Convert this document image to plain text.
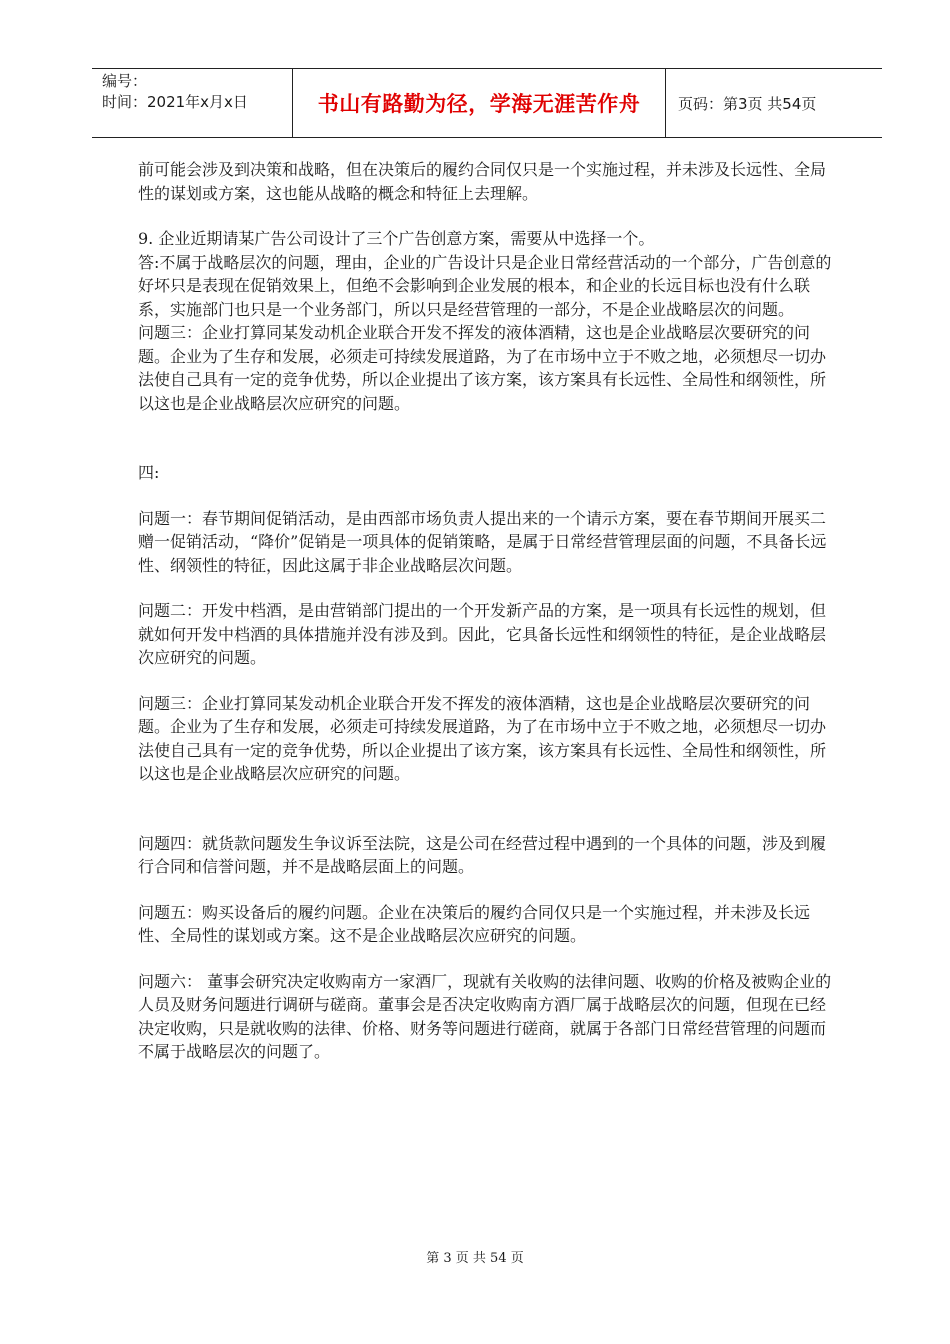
编号：
时间：2021年x月x日	书山有路勤为径，学海无涯苦作舟	页码：第3页 共54页

前可能会涉及到决策和战略，但在决策后的履约合同仅只是一个实施过程，并未涉及长远性、全局性的谋划或方案，这也能从战略的概念和特征上去理解。

9. 企业近期请某广告公司设计了三个广告创意方案，需要从中选择一个。

答:不属于战略层次的问题，理由，企业的广告设计只是企业日常经营活动的一个部分，广告创意的好坏只是表现在促销效果上，但绝不会影响到企业发展的根本，和企业的长远目标也没有什么联系，实施部门也只是一个业务部门，所以只是经营管理的一部分，不是企业战略层次的问题。

问题三：企业打算同某发动机企业联合开发不挥发的液体酒精，这也是企业战略层次要研究的问题。企业为了生存和发展，必须走可持续发展道路，为了在市场中立于不败之地，必须想尽一切办法使自己具有一定的竞争优势，所以企业提出了该方案，该方案具有长远性、全局性和纲领性，所以这也是企业战略层次应研究的问题。

四:

问题一：春节期间促销活动，是由西部市场负责人提出来的一个请示方案，要在春节期间开展买二赠一促销活动，“降价”促销是一项具体的促销策略，是属于日常经营管理层面的问题，不具备长远性、纲领性的特征，因此这属于非企业战略层次问题。

问题二：开发中档酒，是由营销部门提出的一个开发新产品的方案，是一项具有长远性的规划，但就如何开发中档酒的具体措施并没有涉及到。因此，它具备长远性和纲领性的特征，是企业战略层次应研究的问题。

问题三：企业打算同某发动机企业联合开发不挥发的液体酒精，这也是企业战略层次要研究的问题。企业为了生存和发展，必须走可持续发展道路，为了在市场中立于不败之地，必须想尽一切办法使自己具有一定的竞争优势，所以企业提出了该方案，该方案具有长远性、全局性和纲领性，所以这也是企业战略层次应研究的问题。

问题四：就货款问题发生争议诉至法院，这是公司在经营过程中遇到的一个具体的问题，涉及到履行合同和信誉问题，并不是战略层面上的问题。

问题五：购买设备后的履约问题。企业在决策后的履约合同仅只是一个实施过程，并未涉及长远性、全局性的谋划或方案。这不是企业战略层次应研究的问题。

问题六： 董事会研究决定收购南方一家酒厂，现就有关收购的法律问题、收购的价格及被购企业的人员及财务问题进行调研与磋商。董事会是否决定收购南方酒厂属于战略层次的问题，但现在已经决定收购，只是就收购的法律、价格、财务等问题进行磋商，就属于各部门日常经营管理的问题而不属于战略层次的问题了。

第 3 页 共 54 页
